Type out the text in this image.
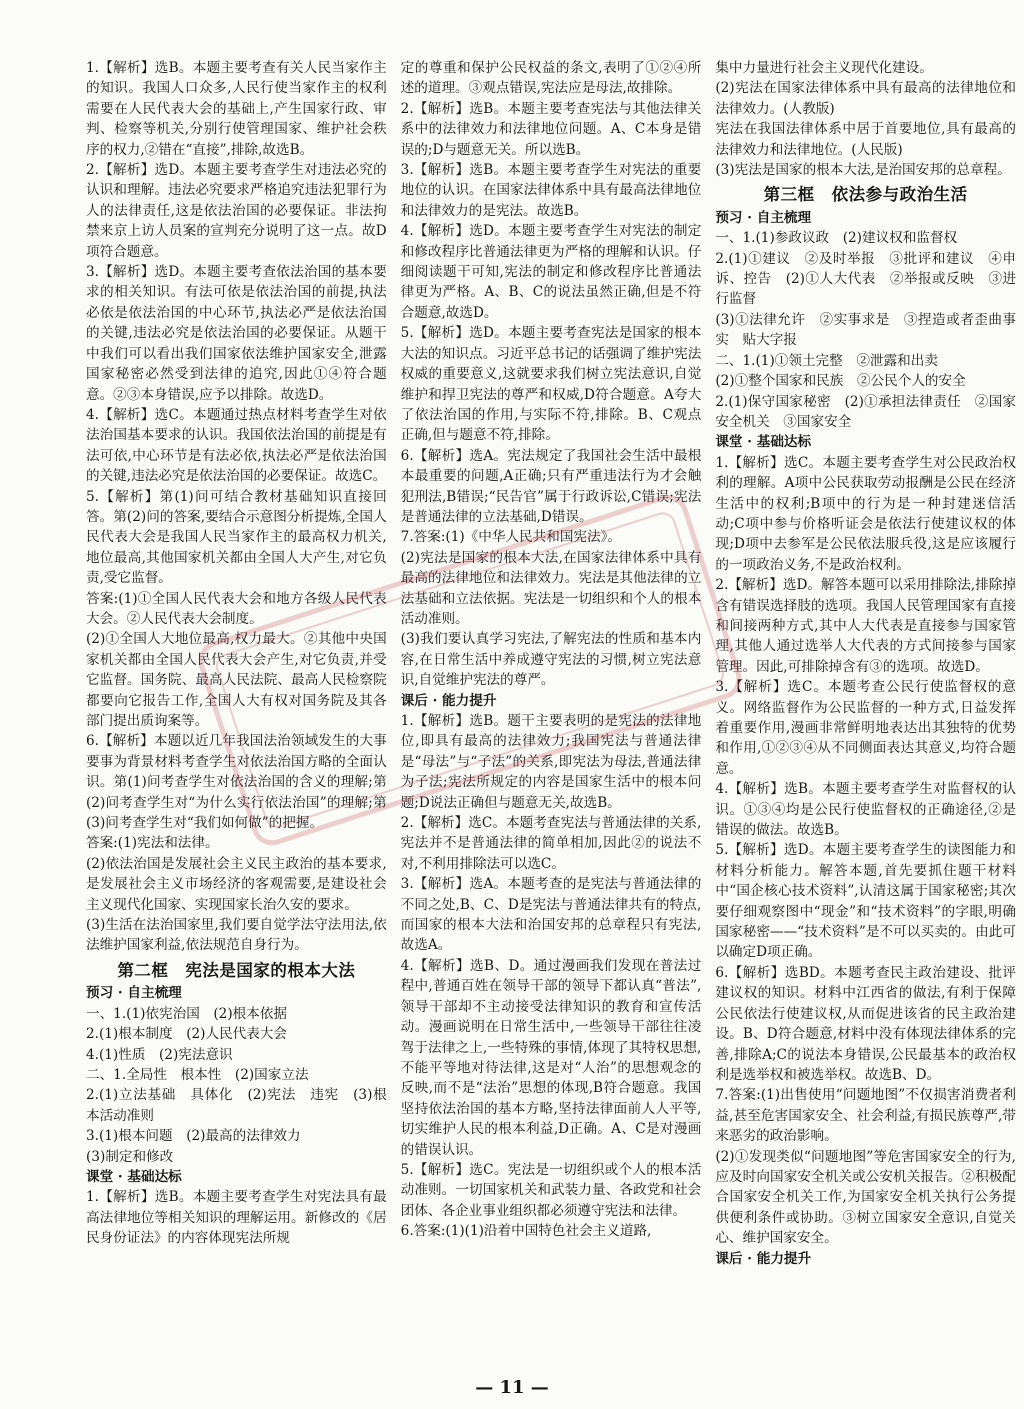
1.【解析】选B。本题主要考查有关人民当家作主的知识。我国人口众多,人民行使当家作主的权利需要在人民代表大会的基础上,产生国家行政、审判、检察等机关,分别行使管理国家、维护社会秩序的权力,②错在“直接”,排除,故选B。

2.【解析】选D。本题主要考查学生对违法必究的认识和理解。违法必究要求严格追究违法犯罪行为人的法律责任,这是依法治国的必要保证。非法拘禁来京上访人员案的宣判充分说明了这一点。故D项符合题意。

3.【解析】选D。本题主要考查依法治国的基本要求的相关知识。有法可依是依法治国的前提,执法必依是依法治国的中心环节,执法必严是依法治国的关键,违法必究是依法治国的必要保证。从题干中我们可以看出我们国家依法维护国家安全,泄露国家秘密必然受到法律的追究,因此①④符合题意。②③本身错误,应予以排除。故选D。

4.【解析】选C。本题通过热点材料考查学生对依法治国基本要求的认识。我国依法治国的前提是有法可依,中心环节是有法必依,执法必严是依法治国的关键,违法必究是依法治国的必要保证。故选C。

5.【解析】第(1)问可结合教材基础知识直接回答。第(2)问的答案,要结合示意图分析提炼,全国人民代表大会是我国人民当家作主的最高权力机关,地位最高,其他国家机关都由全国人大产生,对它负责,受它监督。

答案:(1)①全国人民代表大会和地方各级人民代表大会。②人民代表大会制度。

(2)①全国人大地位最高,权力最大。②其他中央国家机关都由全国人民代表大会产生,对它负责,并受它监督。国务院、最高人民法院、最高人民检察院都要向它报告工作,全国人大有权对国务院及其各部门提出质询案等。

6.【解析】本题以近几年我国法治领域发生的大事要事为背景材料考查学生对依法治国方略的全面认识。第(1)问考查学生对依法治国的含义的理解;第(2)问考查学生对“为什么实行依法治国”的理解;第(3)问考查学生对“我们如何做”的把握。

答案:(1)宪法和法律。

(2)依法治国是发展社会主义民主政治的基本要求,是发展社会主义市场经济的客观需要,是建设社会主义现代化国家、实现国家长治久安的要求。

(3)生活在法治国家里,我们要自觉学法守法用法,依法维护国家利益,依法规范自身行为。

第二框　宪法是国家的根本大法

预习 · 自主梳理

一、1.(1)依宪治国　(2)根本依据

2.(1)根本制度　(2)人民代表大会

4.(1)性质　(2)宪法意识

二、1.全局性　根本性　(2)国家立法

2.(1)立法基础　具体化　(2)宪法　违宪　(3)根本活动准则

3.(1)根本问题　(2)最高的法律效力

(3)制定和修改

课堂 · 基础达标

1.【解析】选B。本题主要考查学生对宪法具有最高法律地位等相关知识的理解运用。新修改的《居民身份证法》的内容体现宪法所规

定的尊重和保护公民权益的条文,表明了①②④所述的道理。③观点错误,宪法应是母法,故排除。

2.【解析】选B。本题主要考查宪法与其他法律关系中的法律效力和法律地位问题。A、C本身是错误的;D与题意无关。所以选B。

3.【解析】选B。本题主要考查学生对宪法的重要地位的认识。在国家法律体系中具有最高法律地位和法律效力的是宪法。故选B。

4.【解析】选D。本题主要考查学生对宪法的制定和修改程序比普通法律更为严格的理解和认识。仔细阅读题干可知,宪法的制定和修改程序比普通法律更为严格。A、B、C的说法虽然正确,但是不符合题意,故选D。

5.【解析】选D。本题主要考查宪法是国家的根本大法的知识点。习近平总书记的话强调了维护宪法权威的重要意义,这就要求我们树立宪法意识,自觉维护和捍卫宪法的尊严和权威,D符合题意。A夸大了依法治国的作用,与实际不符,排除。B、C观点正确,但与题意不符,排除。

6.【解析】选A。宪法规定了我国社会生活中最根本最重要的问题,A正确;只有严重违法行为才会触犯刑法,B错误;“民告官”属于行政诉讼,C错误;宪法是普通法律的立法基础,D错误。

7.答案:(1)《中华人民共和国宪法》。

(2)宪法是国家的根本大法,在国家法律体系中具有最高的法律地位和法律效力。宪法是其他法律的立法基础和立法依据。宪法是一切组织和个人的根本活动准则。

(3)我们要认真学习宪法,了解宪法的性质和基本内容,在日常生活中养成遵守宪法的习惯,树立宪法意识,自觉维护宪法的尊严。

课后 · 能力提升

1.【解析】选B。题干主要表明的是宪法的法律地位,即具有最高的法律效力;我国宪法与普通法律是“母法”与“子法”的关系,即宪法为母法,普通法律为子法;宪法所规定的内容是国家生活中的根本问题;D说法正确但与题意无关,故选B。

2.【解析】选C。本题考查宪法与普通法律的关系,宪法并不是普通法律的简单相加,因此②的说法不对,不利用排除法可以选C。

3.【解析】选A。本题考查的是宪法与普通法律的不同之处,B、C、D是宪法与普通法律共有的特点,而国家的根本大法和治国安邦的总章程只有宪法,故选A。

4.【解析】选B、D。通过漫画我们发现在普法过程中,普通百姓在领导干部的领导下都认真“普法”,领导干部却不主动接受法律知识的教育和宣传活动。漫画说明在日常生活中,一些领导干部往往凌驾于法律之上,一些特殊的事情,体现了其特权思想,不能平等地对待法律,这是对“人治”的思想观念的反映,而不是“法治”思想的体现,B符合题意。我国坚持依法治国的基本方略,坚持法律面前人人平等,切实维护人民的根本利益,D正确。A、C是对漫画的错误认识。

5.【解析】选C。宪法是一切组织或个人的根本活动准则。一切国家机关和武装力量、各政党和社会团体、各企业事业组织都必须遵守宪法和法律。

6.答案:(1)(1)沿着中国特色社会主义道路,

集中力量进行社会主义现代化建设。

(2)宪法在国家法律体系中具有最高的法律地位和法律效力。(人教版)

宪法在我国法律体系中居于首要地位,具有最高的法律效力和法律地位。(人民版)

(3)宪法是国家的根本大法,是治国安邦的总章程。

第三框　依法参与政治生活

预习 · 自主梳理

一、1.(1)参政议政　(2)建议权和监督权

2.(1)①建议　②及时举报　③批评和建议　④申诉、控告　(2)①人大代表　②举报或反映　③进行监督

(3)①法律允许　②实事求是　③捏造或者歪曲事实　贴大字报

二、1.(1)①领土完整　②泄露和出卖

(2)①整个国家和民族　②公民个人的安全

2.(1)保守国家秘密　(2)①承担法律责任　②国家安全机关　③国家安全

课堂 · 基础达标

1.【解析】选C。本题主要考查学生对公民政治权利的理解。A项中公民获取劳动报酬是公民在经济生活中的权利;B项中的行为是一种封建迷信活动;C项中参与价格听证会是依法行使建议权的体现;D项中去参军是公民依法服兵役,这是应该履行的一项政治义务,不是政治权利。

2.【解析】选D。解答本题可以采用排除法,排除掉含有错误选择肢的选项。我国人民管理国家有直接和间接两种方式,其中人大代表是直接参与国家管理,其他人通过选举人大代表的方式间接参与国家管理。因此,可排除掉含有③的选项。故选D。

3.【解析】选C。本题考查公民行使监督权的意义。网络监督作为公民监督的一种方式,日益发挥着重要作用,漫画非常鲜明地表达出其独特的优势和作用,①②③④从不同侧面表达其意义,均符合题意。

4.【解析】选B。本题主要考查学生对监督权的认识。①③④均是公民行使监督权的正确途径,②是错误的做法。故选B。

5.【解析】选D。本题主要考查学生的读图能力和材料分析能力。解答本题,首先要抓住题干材料中“国企核心技术资料”,认清这属于国家秘密;其次要仔细观察图中“现金”和“技术资料”的字眼,明确国家秘密——“技术资料”是不可以买卖的。由此可以确定D项正确。

6.【解析】选BD。本题考查民主政治建设、批评建议权的知识。材料中江西省的做法,有利于保障公民依法行使建议权,从而促进该省的民主政治建设。B、D符合题意,材料中没有体现法律体系的完善,排除A;C的说法本身错误,公民最基本的政治权利是选举权和被选举权。故选B、D。

7.答案:(1)出售使用“问题地图”不仅损害消费者利益,甚至危害国家安全、社会利益,有损民族尊严,带来恶劣的政治影响。

(2)①发现类似“问题地图”等危害国家安全的行为,应及时向国家安全机关或公安机关报告。②积极配合国家安全机关工作,为国家安全机关执行公务提供便利条件或协助。③树立国家安全意识,自觉关心、维护国家安全。

课后 · 能力提升

— 11 —
